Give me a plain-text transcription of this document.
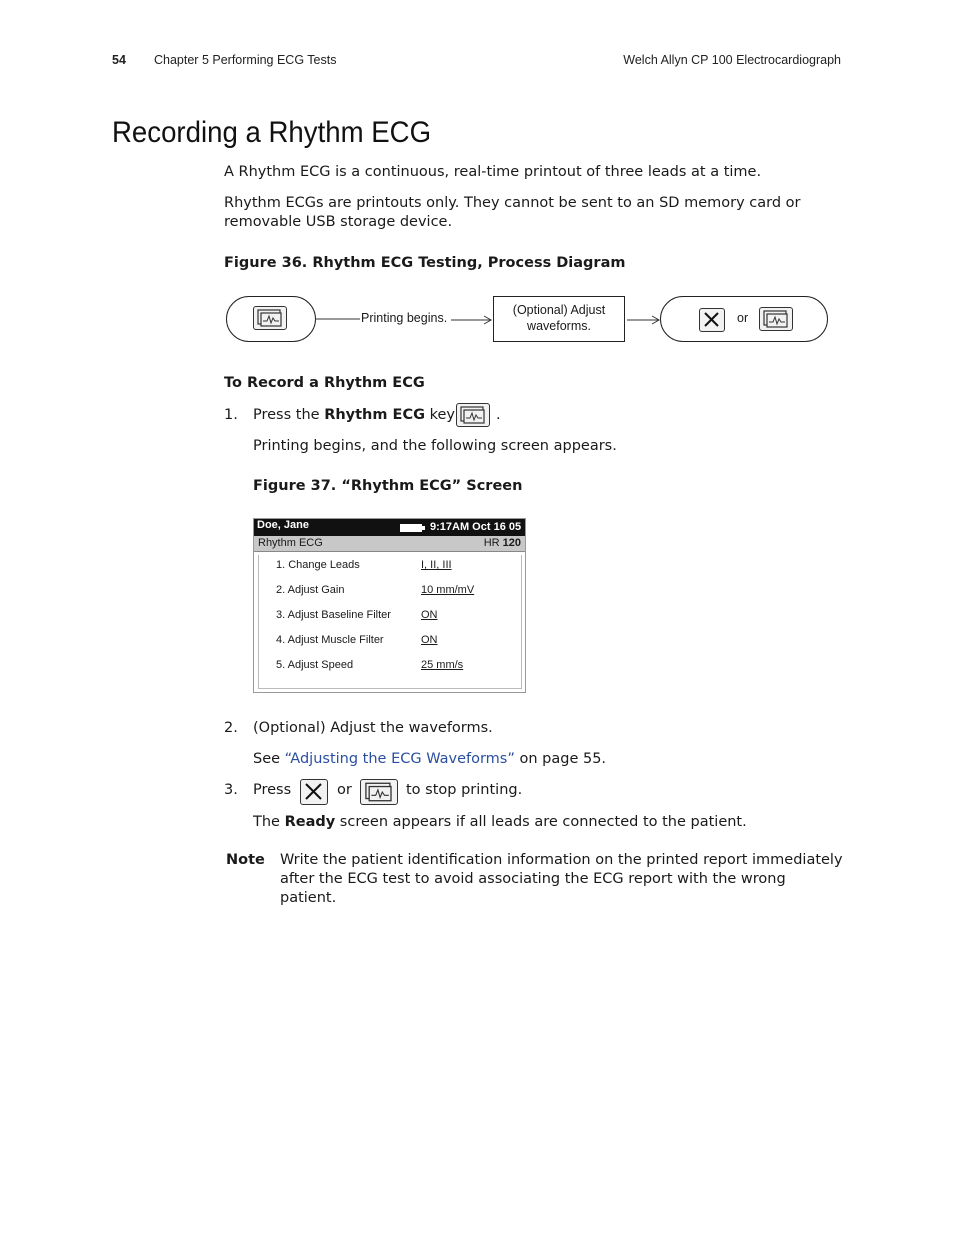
54 Chapter 5 Performing ECG Tests	Welch Allyn CP 100 Electrocardiograph
Recording a Rhythm ECG
A Rhythm ECG is a continuous, real-time printout of three leads at a time.
Rhythm ECGs are printouts only. They cannot be sent to an SD memory card or
removable USB storage device.
Figure 36. Rhythm ECG Testing, Process Diagram
Printing begins.
(Optional) Adjust
waveforms.
or
To Record a Rhythm ECG
1. Press the Rhythm ECG key	.
Printing begins, and the following screen appears.
Figure 37. “Rhythm ECG” Screen
Doe, Jane	9:17AM Oct 16 05
Rhythm ECG	HR 120
1. Change Leads	I, II, III
2. Adjust Gain	10 mm/mV
3. Adjust Baseline Filter	ON
4. Adjust Muscle Filter	ON
5. Adjust Speed	25 mm/s
2. (Optional) Adjust the waveforms.
See “Adjusting the ECG Waveforms” on page 55.
3. Press	or	to stop printing.
The Ready screen appears if all leads are connected to the patient.
Note Write the patient identification information on the printed report immediately
after the ECG test to avoid associating the ECG report with the wrong
patient.
